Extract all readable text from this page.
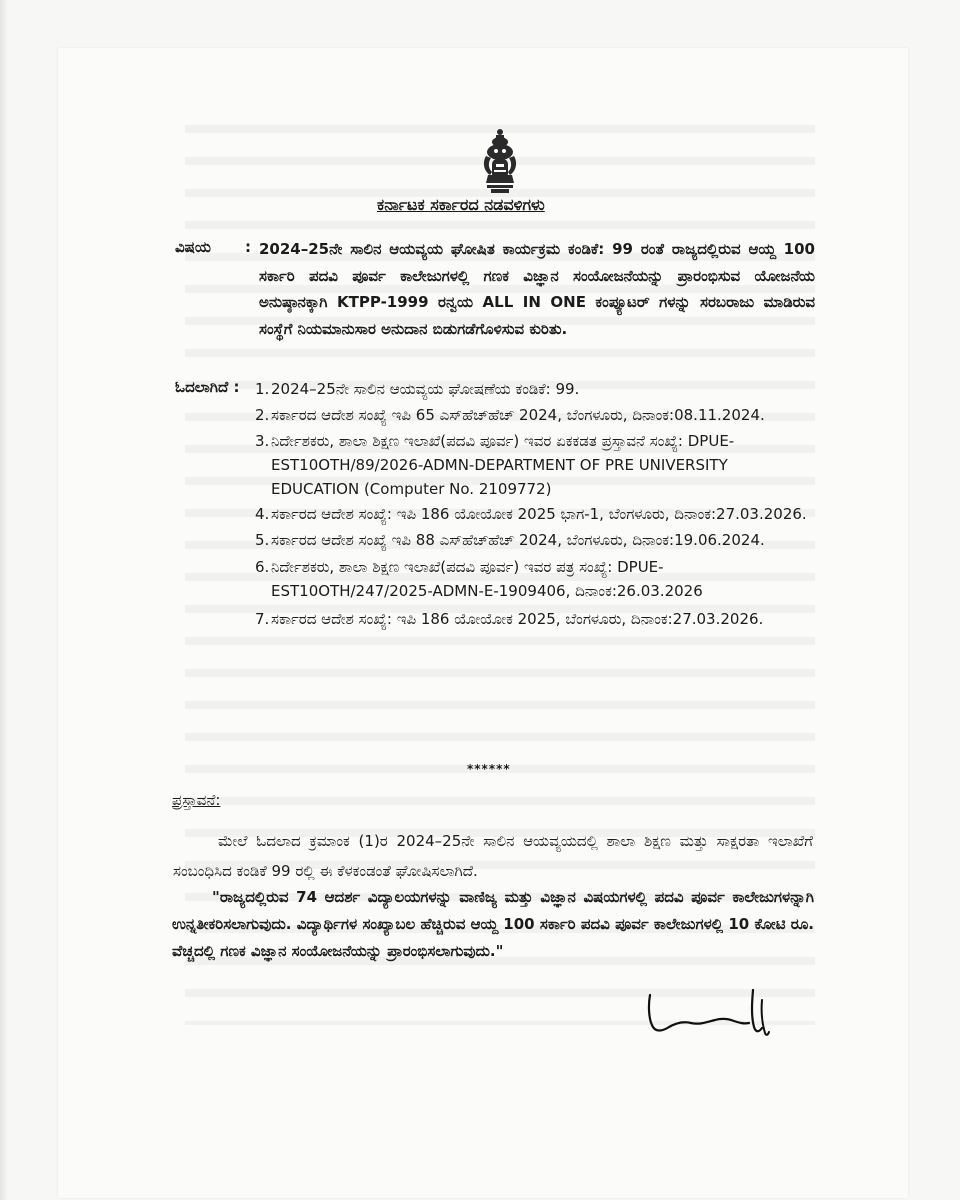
ಕರ್ನಾಟಕ ಸರ್ಕಾರದ ನಡವಳಿಗಳು
ವಿಷಯ : 2024–25ನೇ ಸಾಲಿನ ಆಯವ್ಯಯ ಘೋಷಿತ ಕಾರ್ಯಕ್ರಮ ಕಂಡಿಕೆ: 99 ರಂತೆ ರಾಜ್ಯದಲ್ಲಿರುವ ಆಯ್ದ 100 ಸರ್ಕಾರಿ ಪದವಿ ಪೂರ್ವ ಕಾಲೇಜುಗಳಲ್ಲಿ ಗಣಕ ವಿಜ್ಞಾನ ಸಂಯೋಜನೆಯನ್ನು ಪ್ರಾರಂಭಿಸುವ ಯೋಜನೆಯ ಅನುಷ್ಠಾನಕ್ಕಾಗಿ KTPP-1999 ರನ್ವಯ ALL IN ONE ಕಂಪ್ಯೂಟರ್ ಗಳನ್ನು ಸರಬರಾಜು ಮಾಡಿರುವ ಸಂಸ್ಥೆಗೆ ನಿಯಮಾನುಸಾರ ಅನುದಾನ ಬಿಡುಗಡೆಗೊಳಿಸುವ ಕುರಿತು.
ಓದಲಾಗಿದೆ : 1. 2024–25ನೇ ಸಾಲಿನ ಆಯವ್ಯಯ ಘೋಷಣೆಯ ಕಂಡಿಕೆ: 99.
2. ಸರ್ಕಾರದ ಆದೇಶ ಸಂಖ್ಯೆ ಇಪಿ 65 ಎಸ್‌ಹೆಚ್‌ಹೆಚ್ 2024, ಬೆಂಗಳೂರು, ದಿನಾಂಕ:08.11.2024.
3. ನಿರ್ದೇಶಕರು, ಶಾಲಾ ಶಿಕ್ಷಣ ಇಲಾಖೆ(ಪದವಿ ಪೂರ್ವ) ಇವರ ಏಕಕಡತ ಪ್ರಸ್ತಾವನೆ ಸಂಖ್ಯೆ: DPUE-EST10OTH/89/2026-ADMN-DEPARTMENT OF PRE UNIVERSITY EDUCATION (Computer No. 2109772)
4. ಸರ್ಕಾರದ ಆದೇಶ ಸಂಖ್ಯೆ: ಇಪಿ 186 ಯೋಯೋಕ 2025 ಭಾಗ-1, ಬೆಂಗಳೂರು, ದಿನಾಂಕ:27.03.2026.
5. ಸರ್ಕಾರದ ಆದೇಶ ಸಂಖ್ಯೆ ಇಪಿ 88 ಎಸ್‌ಹೆಚ್‌ಹೆಚ್ 2024, ಬೆಂಗಳೂರು, ದಿನಾಂಕ:19.06.2024.
6. ನಿರ್ದೇಶಕರು, ಶಾಲಾ ಶಿಕ್ಷಣ ಇಲಾಖೆ(ಪದವಿ ಪೂರ್ವ) ಇವರ ಪತ್ರ ಸಂಖ್ಯೆ: DPUE-EST10OTH/247/2025-ADMN-E-1909406, ದಿನಾಂಕ:26.03.2026
7. ಸರ್ಕಾರದ ಆದೇಶ ಸಂಖ್ಯೆ: ಇಪಿ 186 ಯೋಯೋಕ 2025, ಬೆಂಗಳೂರು, ದಿನಾಂಕ:27.03.2026.
******
ಪ್ರಸ್ತಾವನೆ:
ಮೇಲೆ ಓದಲಾದ ಕ್ರಮಾಂಕ (1)ರ 2024–25ನೇ ಸಾಲಿನ ಆಯವ್ಯಯದಲ್ಲಿ ಶಾಲಾ ಶಿಕ್ಷಣ ಮತ್ತು ಸಾಕ್ಷರತಾ ಇಲಾಖೆಗೆ ಸಂಬಂಧಿಸಿದ ಕಂಡಿಕೆ 99 ರಲ್ಲಿ ಈ ಕೆಳಕಂಡಂತೆ ಘೋಷಿಸಲಾಗಿದೆ.
"ರಾಜ್ಯದಲ್ಲಿರುವ 74 ಆದರ್ಶ ವಿದ್ಯಾಲಯಗಳನ್ನು ವಾಣಿಜ್ಯ ಮತ್ತು ವಿಜ್ಞಾನ ವಿಷಯಗಳಲ್ಲಿ ಪದವಿ ಪೂರ್ವ ಕಾಲೇಜುಗಳನ್ನಾಗಿ ಉನ್ನತೀಕರಿಸಲಾಗುವುದು. ವಿದ್ಯಾರ್ಥಿಗಳ ಸಂಖ್ಯಾಬಲ ಹೆಚ್ಚಿರುವ ಆಯ್ದ 100 ಸರ್ಕಾರಿ ಪದವಿ ಪೂರ್ವ ಕಾಲೇಜುಗಳಲ್ಲಿ 10 ಕೋಟಿ ರೂ. ವೆಚ್ಚದಲ್ಲಿ ಗಣಕ ವಿಜ್ಞಾನ ಸಂಯೋಜನೆಯನ್ನು ಪ್ರಾರಂಭಿಸಲಾಗುವುದು."
